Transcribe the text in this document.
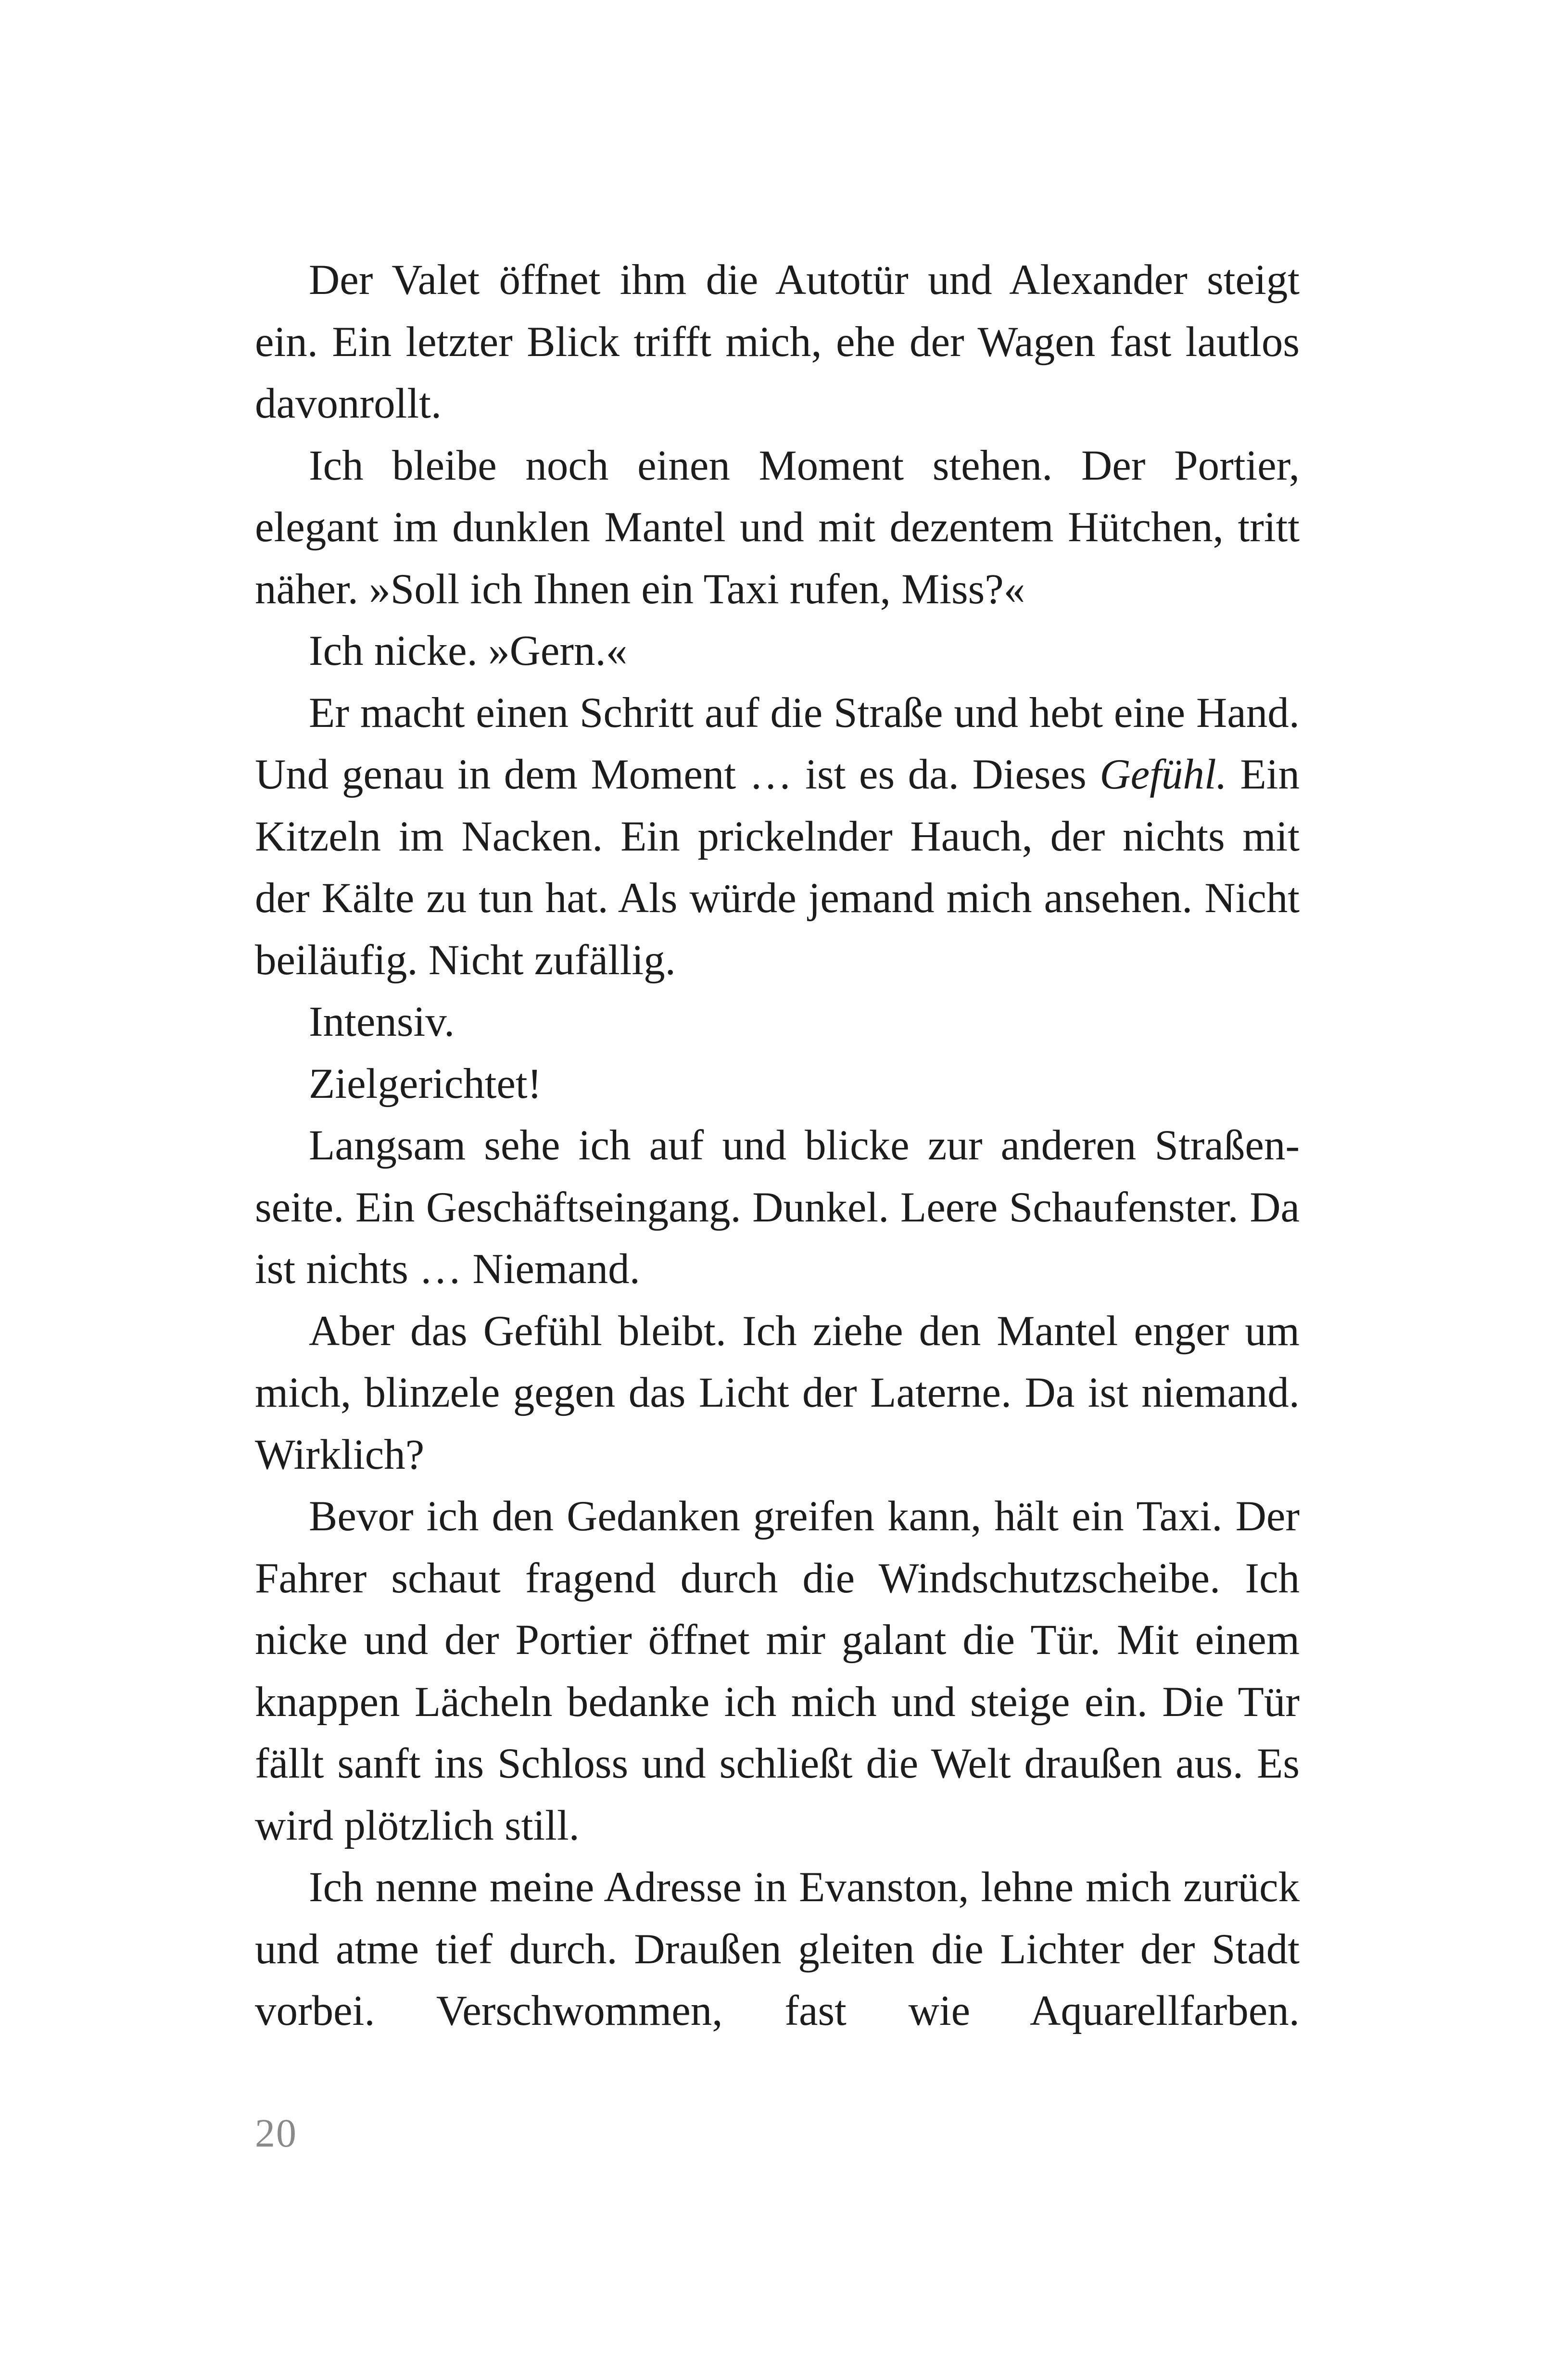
Der Valet öffnet ihm die Autotür und Alexander steigt ein. Ein letzter Blick trifft mich, ehe der Wagen fast lautlos davonrollt.

Ich bleibe noch einen Moment stehen. Der Portier, elegant im dunklen Mantel und mit dezentem Hütchen, tritt näher. »Soll ich Ihnen ein Taxi rufen, Miss?«

Ich nicke. »Gern.«

Er macht einen Schritt auf die Straße und hebt eine Hand. Und genau in dem Moment … ist es da. Dieses Gefühl. Ein Kitzeln im Nacken. Ein prickelnder Hauch, der nichts mit der Kälte zu tun hat. Als würde jemand mich ansehen. Nicht beiläufig. Nicht zufällig.

Intensiv.

Zielgerichtet!

Langsam sehe ich auf und blicke zur anderen Straßenseite. Ein Geschäftseingang. Dunkel. Leere Schaufenster. Da ist nichts … Niemand.

Aber das Gefühl bleibt. Ich ziehe den Mantel enger um mich, blinzele gegen das Licht der Laterne. Da ist niemand. Wirklich?

Bevor ich den Gedanken greifen kann, hält ein Taxi. Der Fahrer schaut fragend durch die Windschutzscheibe. Ich nicke und der Portier öffnet mir galant die Tür. Mit einem knappen Lächeln bedanke ich mich und steige ein. Die Tür fällt sanft ins Schloss und schließt die Welt draußen aus. Es wird plötzlich still.

Ich nenne meine Adresse in Evanston, lehne mich zurück und atme tief durch. Draußen gleiten die Lichter der Stadt vorbei. Verschwommen, fast wie Aquarellfarben.

20
